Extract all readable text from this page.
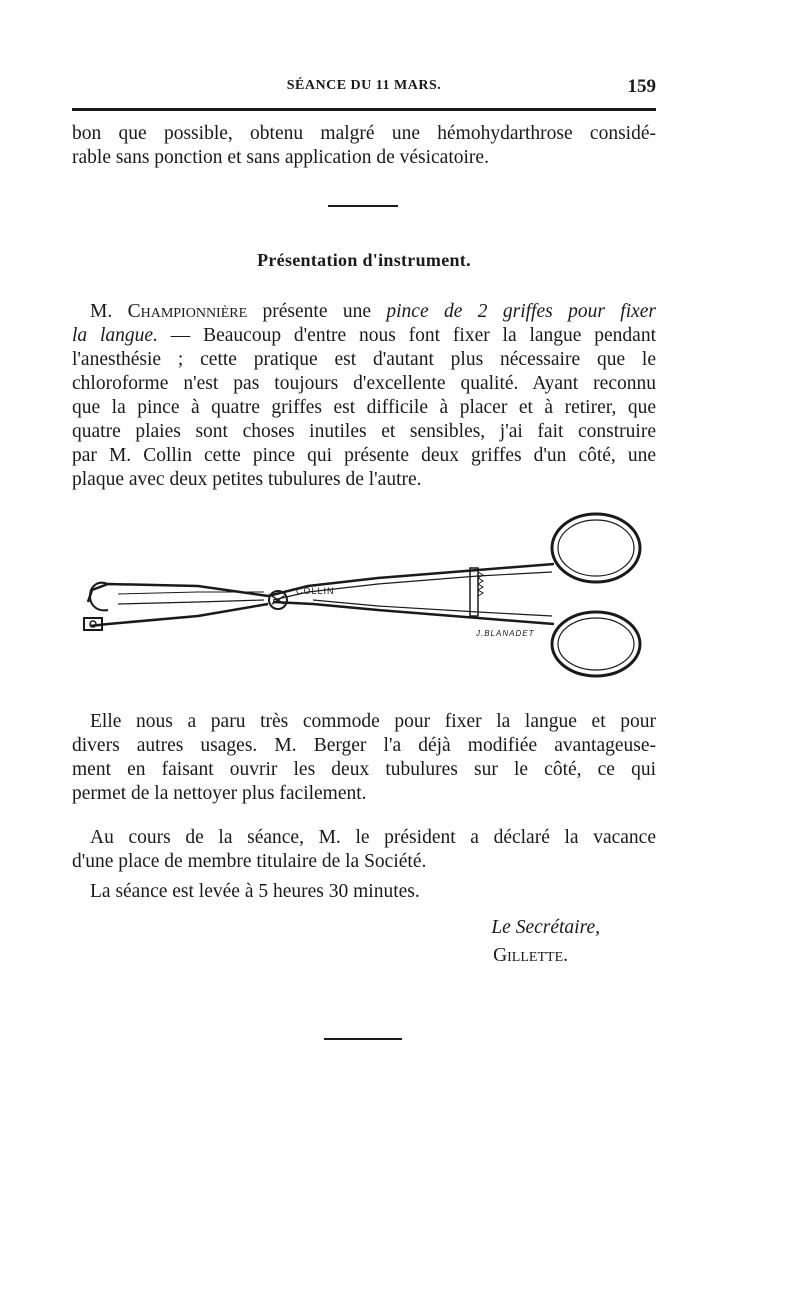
SÉANCE DU 11 MARS.	159
bon que possible, obtenu malgré une hémohydarthrose considé-
rable sans ponction et sans application de vésicatoire.
Présentation d'instrument.
M. Championnière présente une pince de 2 griffes pour fixer
la langue. — Beaucoup d'entre nous font fixer la langue pendant
l'anesthésie ; cette pratique est d'autant plus nécessaire que le
chloroforme n'est pas toujours d'excellente qualité. Ayant reconnu
que la pince à quatre griffes est difficile à placer et à retirer, que
quatre plaies sont choses inutiles et sensibles, j'ai fait construire
par M. Collin cette pince qui présente deux griffes d'un côté, une
plaque avec deux petites tubulures de l'autre.
COLLIN
J.BLANADET
Elle nous a paru très commode pour fixer la langue et pour
divers autres usages. M. Berger l'a déjà modifiée avantageuse-
ment en faisant ouvrir les deux tubulures sur le côté, ce qui
permet de la nettoyer plus facilement.
Au cours de la séance, M. le président a déclaré la vacance
d'une place de membre titulaire de la Société.
La séance est levée à 5 heures 30 minutes.
Le Secrétaire,
Gillette.
